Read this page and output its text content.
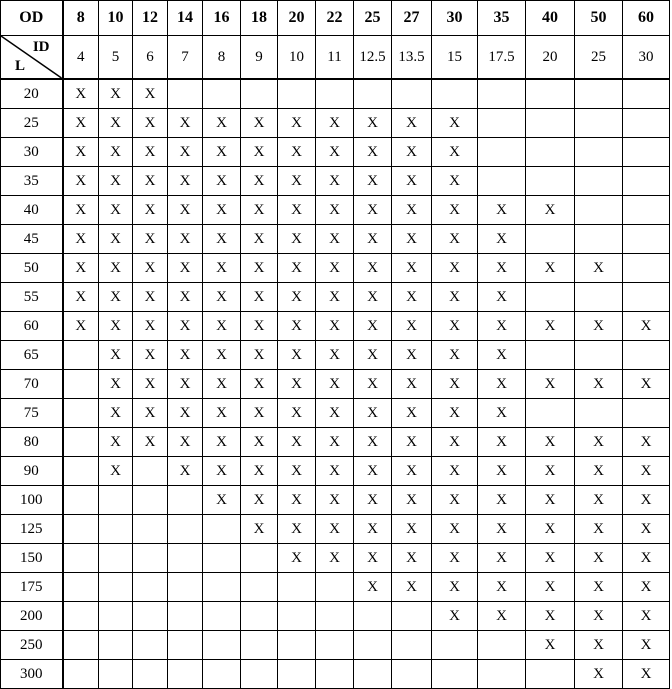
OD	8	10	12	14	16	18	20	22	25	27	30	35	40	50	60

ID
L	4	5	6	7	8	9	10	11	12.5	13.5	15	17.5	20	25	30
20	X	X	X												
25	X	X	X	X	X	X	X	X	X	X	X				
30	X	X	X	X	X	X	X	X	X	X	X				
35	X	X	X	X	X	X	X	X	X	X	X				
40	X	X	X	X	X	X	X	X	X	X	X	X	X		
45	X	X	X	X	X	X	X	X	X	X	X	X			
50	X	X	X	X	X	X	X	X	X	X	X	X	X	X	
55	X	X	X	X	X	X	X	X	X	X	X	X			
60	X	X	X	X	X	X	X	X	X	X	X	X	X	X	X
65		X	X	X	X	X	X	X	X	X	X	X			
70		X	X	X	X	X	X	X	X	X	X	X	X	X	X
75		X	X	X	X	X	X	X	X	X	X	X			
80		X	X	X	X	X	X	X	X	X	X	X	X	X	X
90		X		X	X	X	X	X	X	X	X	X	X	X	X
100					X	X	X	X	X	X	X	X	X	X	X
125						X	X	X	X	X	X	X	X	X	X
150							X	X	X	X	X	X	X	X	X
175									X	X	X	X	X	X	X
200											X	X	X	X	X
250													X	X	X
300														X	X
